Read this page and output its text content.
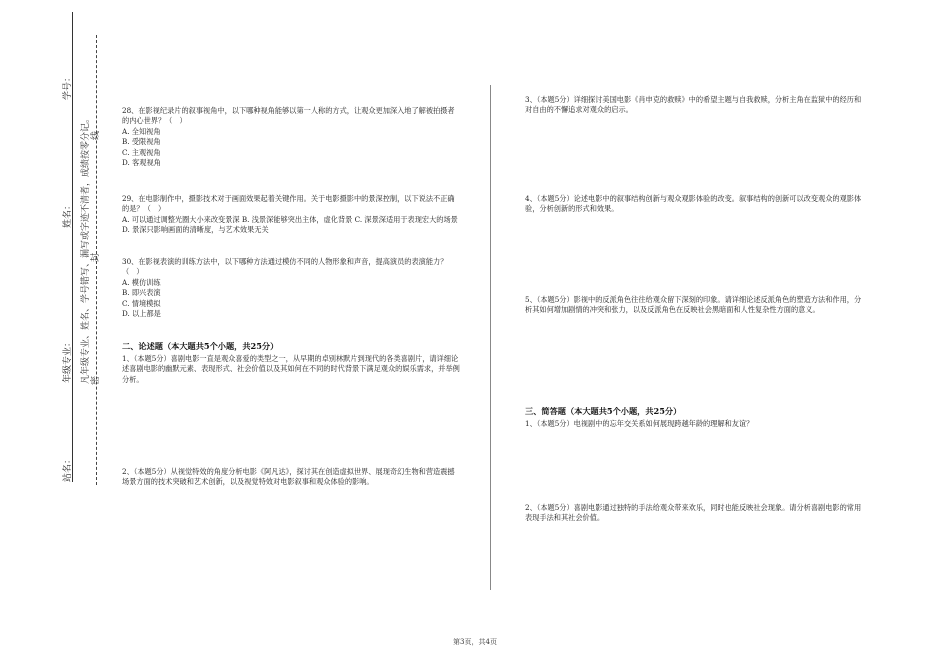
学号：
姓名：
年级专业：
站名：
凡年级专业、姓名、学号错写、漏写或字迹不清者，成绩按零分记。 密
封
线

28、在影视纪录片的叙事视角中，以下哪种视角能够以第一人称的方式，让观众更加深入地了解被拍摄者的内心世界？（　）

A. 全知视角

B. 受限视角

C. 主观视角

D. 客观视角

29、在电影制作中，摄影技术对于画面效果起着关键作用。关于电影摄影中的景深控制，以下说法不正确的是？（　）

A. 可以通过调整光圈大小来改变景深 B. 浅景深能够突出主体，虚化背景 C. 深景深适用于表现宏大的场景 D. 景深只影响画面的清晰度，与艺术效果无关

30、在影视表演的训练方法中，以下哪种方法通过模仿不同的人物形象和声音，提高演员的表演能力？（　）

A. 模仿训练

B. 即兴表演

C. 情境模拟

D. 以上都是

二、论述题（本大题共5个小题，共25分）

1、（本题5分）喜剧电影一直是观众喜爱的类型之一，从早期的卓别林默片到现代的各类喜剧片，请详细论述喜剧电影的幽默元素、表现形式、社会价值以及其如何在不同的时代背景下满足观众的娱乐需求，并举例分析。

2、（本题5分）从视觉特效的角度分析电影《阿凡达》，探讨其在创造虚拟世界、展现奇幻生物和营造震撼场景方面的技术突破和艺术创新，以及视觉特效对电影叙事和观众体验的影响。

3、（本题5分）详细探讨美国电影《肖申克的救赎》中的希望主题与自我救赎，分析主角在监狱中的经历和对自由的不懈追求对观众的启示。

4、（本题5分）论述电影中的叙事结构创新与观众观影体验的改变。叙事结构的创新可以改变观众的观影体验，分析创新的形式和效果。

5、（本题5分）影视中的反派角色往往给观众留下深刻的印象。请详细论述反派角色的塑造方法和作用，分析其如何增加剧情的冲突和张力，以及反派角色在反映社会黑暗面和人性复杂性方面的意义。

三、简答题（本大题共5个小题，共25分）

1、（本题5分）电视剧中的忘年交关系如何展现跨越年龄的理解和友谊？

2、（本题5分）喜剧电影通过独特的手法给观众带来欢乐，同时也能反映社会现象。请分析喜剧电影的常用表现手法和其社会价值。

第3页，共4页
